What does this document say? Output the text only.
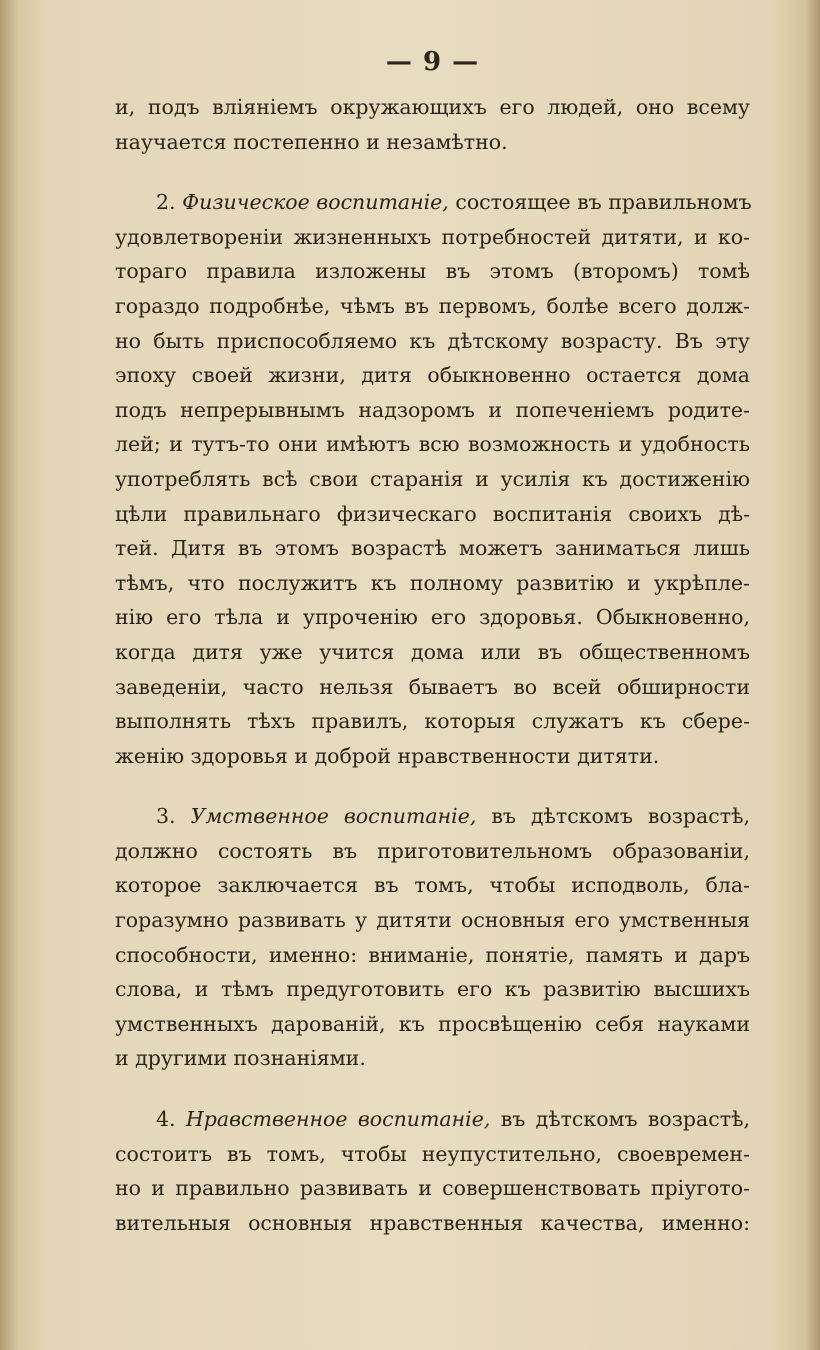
— 9 —
и, подъ вліяніемъ окружающихъ его людей, оно всему
научается постепенно и незамѣтно.
  2. Физическое воспитаніе, состоящее въ правильномъ
удовлетвореніи жизненныхъ потребностей дитяти, и ко-
тораго правила изложены въ этомъ (второмъ) томѣ
гораздо подробнѣе, чѣмъ въ первомъ, болѣе всего долж-
но быть приспособляемо къ дѣтскому возрасту. Въ эту
эпоху своей жизни, дитя обыкновенно остается дома
подъ непрерывнымъ надзоромъ и попеченіемъ родите-
лей; и тутъ-то они имѣютъ всю возможность и удобность
употреблять всѣ свои старанія и усилія къ достиженію
цѣли правильнаго физическаго воспитанія своихъ дѣ-
тей. Дитя въ этомъ возрастѣ можетъ заниматься лишь
тѣмъ, что послужитъ къ полному развитію и укрѣпле-
нію его тѣла и упроченію его здоровья. Обыкновенно,
когда дитя уже учится дома или въ общественномъ
заведеніи, часто нельзя бываетъ во всей обширности
выполнять тѣхъ правилъ, которыя служатъ къ сбере-
женію здоровья и доброй нравственности дитяти.
  3. Умственное воспитаніе, въ дѣтскомъ возрастѣ,
должно состоять въ приготовительномъ образованіи,
которое заключается въ томъ, чтобы исподволь, бла-
горазумно развивать у дитяти основныя его умственныя
способности, именно: вниманіе, понятіе, память и даръ
слова, и тѣмъ предуготовить его къ развитію высшихъ
умственныхъ дарованій, къ просвѣщенію себя науками
и другими познаніями.
  4. Нравственное воспитаніе, въ дѣтскомъ возрастѣ,
состоитъ въ томъ, чтобы неупустительно, своевремен-
но и правильно развивать и совершенствовать пріугото-
вительныя основныя нравственныя качества, именно:
